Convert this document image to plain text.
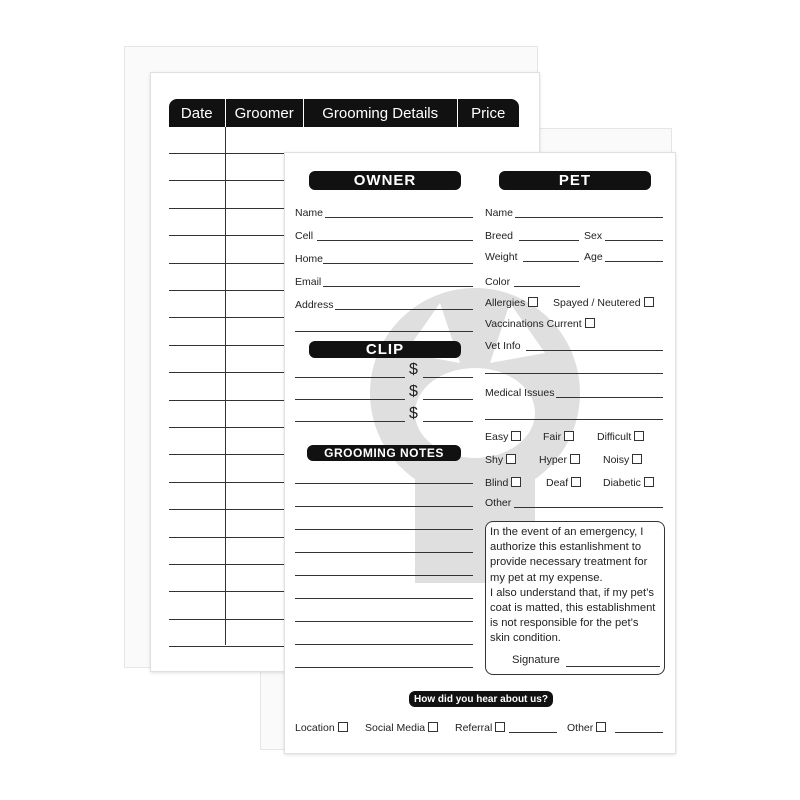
Date	Groomer	Grooming Details	Price
OWNER
Name
Cell
Home
Email
Address
PET
Name
Breed	Sex
Weight	Age
Color
Allergies	Spayed / Neutered
Vaccinations Current
Vet Info
Medical Issues
Easy	Fair	Difficult
Shy	Hyper	Noisy
Blind	Deaf	Diabetic
Other
In the event of an emergency, I
authorize this estanlishment to
provide necessary treatment for
my pet at my expense.
I also understand that, if my pet’s
coat is matted, this establishment
is not responsible for the pet’s
skin condition.
Signature
CLIP
$
$
$
GROOMING NOTES
How did you hear about us?
Location	Social Media	Referral	Other
